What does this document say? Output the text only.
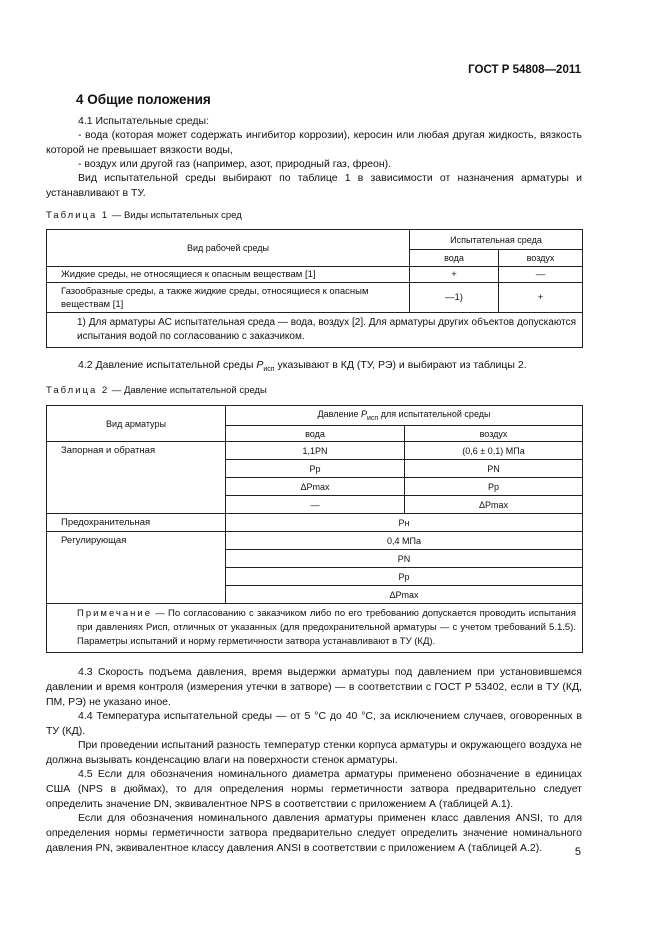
ГОСТ Р 54808—2011
4 Общие положения

4.1 Испытательные среды:

- вода (которая может содержать ингибитор коррозии), керосин или любая другая жидкость, вязкость которой не превышает вязкости воды,

- воздух или другой газ (например, азот, природный газ, фреон).

Вид испытательной среды выбирают по таблице 1 в зависимости от назначения арматуры и устанавливают в ТУ.

Таблица 1 — Виды испытательных сред
Вид рабочей среды	Испытательная среда	
	вода	воздух
Жидкие среды, не относящиеся к опасным веществам [1]	+	—
Газообразные среды, а также жидкие среды, относящиеся к опасным веществам [1]	—1)	+
1) Для арматуры АС испытательная среда — вода, воздух [2]. Для арматуры других объектов допускаются испытания водой по согласованию с заказчиком.		

4.2 Давление испытательной среды $P_{исп}$ указывают в КД (ТУ, РЭ) и выбирают из таблицы 2.

Таблица 2 — Давление испытательной среды
Вид арматуры	Давление $P_{исп}$ для испытательной среды	
	вода	воздух
Запорная и обратная	1,1PN	(0,6 ± 0,1) МПа
	Pp	PN
	ΔPmax	Pp
	—	ΔPmax
Предохранительная	Pн	
Регулирующая	0,4 МПа	
	PN	
	Pp	
	ΔPmax	
Примечание — По согласованию с заказчиком либо по его требованию допускается проводить испытания при давлениях Pисп, отличных от указанных (для предохранительной арматуры — с учетом требований 5.1.5). Параметры испытаний и норму герметичности затвора устанавливают в ТУ (КД).		

4.3 Скорость подъема давления, время выдержки арматуры под давлением при установившемся давлении и время контроля (измерения утечки в затворе) — в соответствии с ГОСТ Р 53402, если в ТУ (КД, ПМ, РЭ) не указано иное.

4.4 Температура испытательной среды — от 5 °С до 40 °С, за исключением случаев, оговоренных в ТУ (КД).

При проведении испытаний разность температур стенки корпуса арматуры и окружающего воздуха не должна вызывать конденсацию влаги на поверхности стенок арматуры.

4.5 Если для обозначения номинального диаметра арматуры применено обозначение в единицах США (NPS в дюймах), то для определения нормы герметичности затвора предварительно следует определить значение DN, эквивалентное NPS в соответствии с приложением А (таблицей А.1).

Если для обозначения номинального давления арматуры применен класс давления ANSI, то для определения нормы герметичности затвора предварительно следует определить значение номинального давления PN, эквивалентное классу давления ANSI в соответствии с приложением А (таблицей А.2).	5
